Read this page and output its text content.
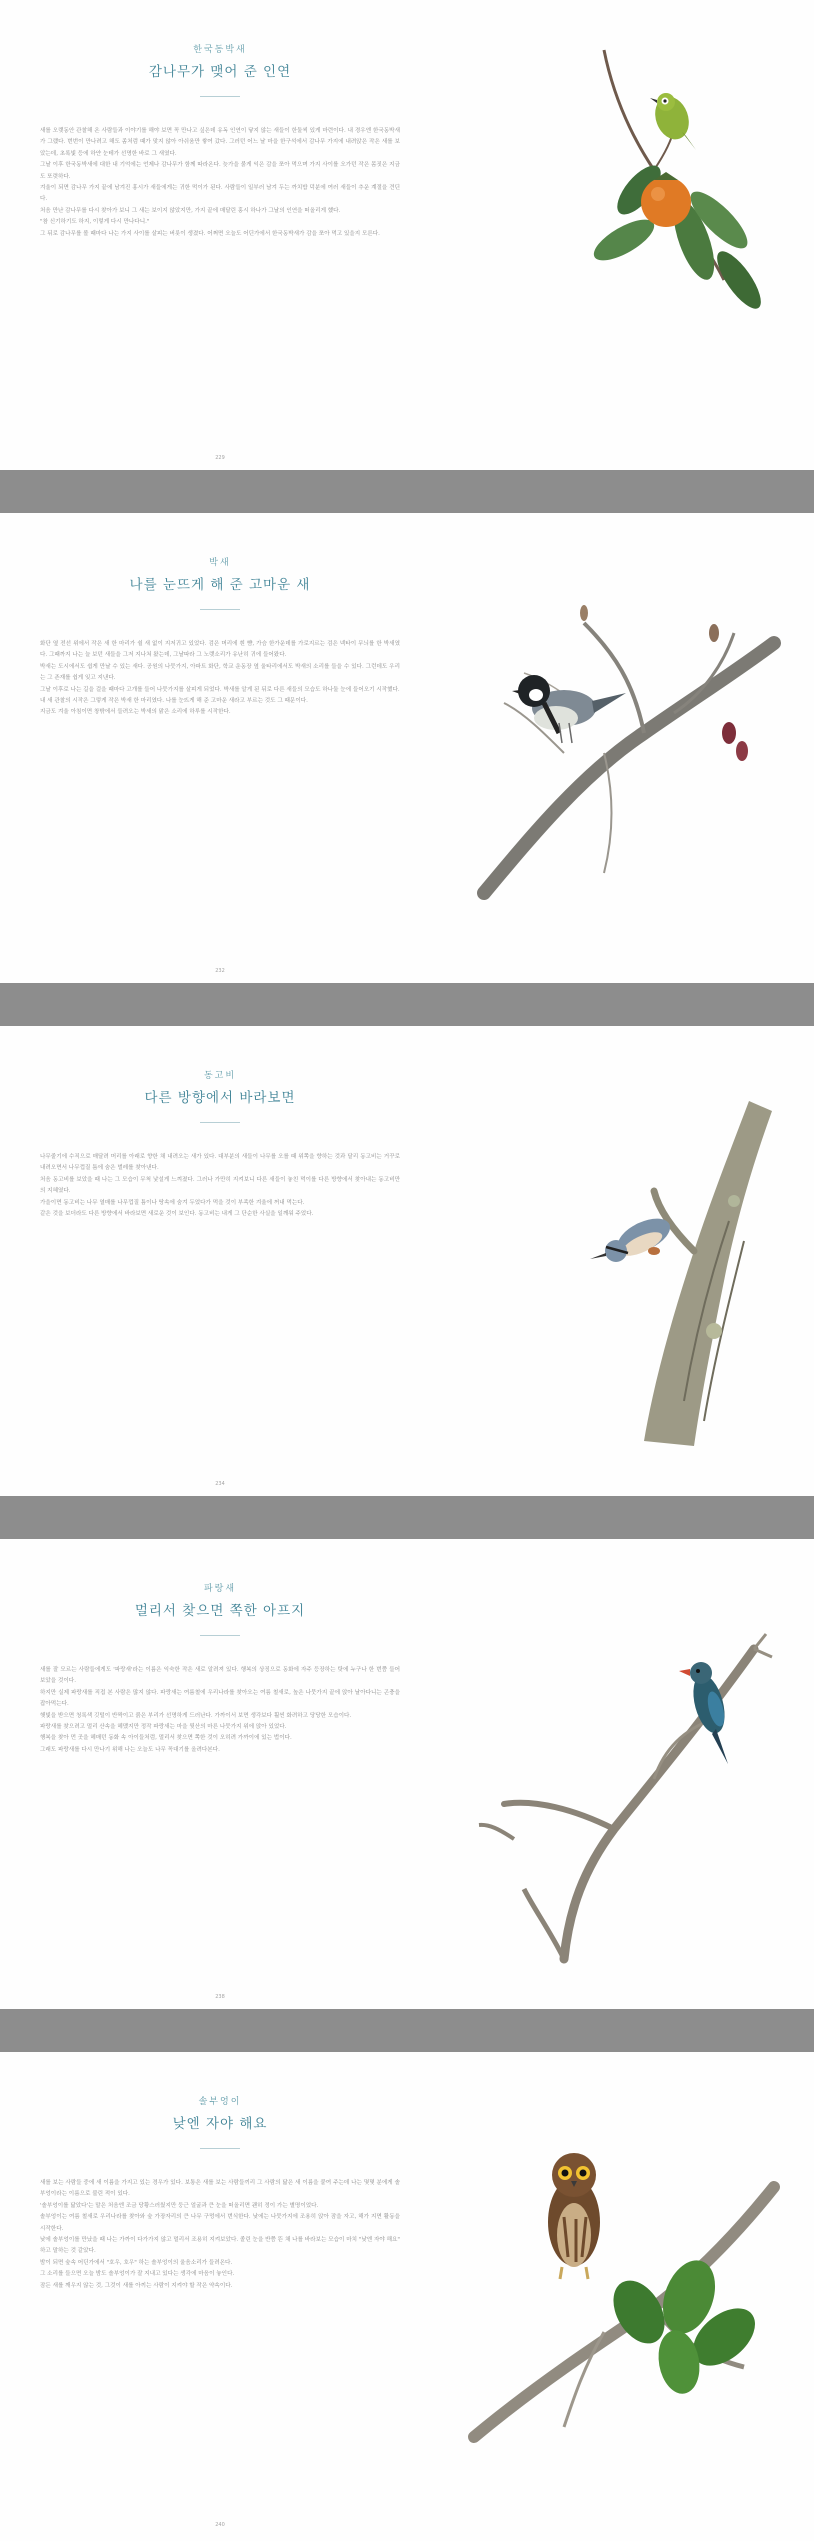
한국동박새
감나무가 맺어 준 인연
새를 오랫동안 관찰해 온 사람들과 이야기를 해야 보면 꼭 만나고 싶은데 유독 인연이 닿지 않는 새들이 한둘씩 있게 마련이다. 내 경우엔 한국동박새가 그랬다. 번번이 만나려고 해도 좀처럼 때가 맞지 않아 아쉬움만 쌓여 갔다. 그러던 어느 날 마을 한구석에서 감나무 가지에 내려앉은 작은 새를 보았는데, 초록빛 등에 하얀 눈테가 선명한 바로 그 새였다.
그날 이후 한국동박새에 대한 내 기억에는 언제나 감나무가 함께 따라온다. 늦가을 붉게 익은 감을 쪼아 먹으며 가지 사이를 오가던 작은 몸짓은 지금도 또렷하다.
겨울이 되면 감나무 가지 끝에 남겨진 홍시가 새들에게는 귀한 먹이가 된다. 사람들이 일부러 남겨 두는 까치밥 덕분에 여러 새들이 추운 계절을 견딘다.
처음 만난 감나무를 다시 찾아가 보니 그 새는 보이지 않았지만, 가지 끝에 매달린 홍시 하나가 그날의 인연을 떠올리게 했다.
"참 신기하기도 하지, 이렇게 다시 만나다니."
그 뒤로 감나무를 볼 때마다 나는 가지 사이를 살피는 버릇이 생겼다. 어쩌면 오늘도 어딘가에서 한국동박새가 감을 쪼아 먹고 있을지 모른다.
229
박새
나를 눈뜨게 해 준 고마운 새
화단 옆 전선 위에서 작은 새 한 마리가 쉴 새 없이 지저귀고 있었다. 검은 머리에 흰 뺨, 가슴 한가운데를 가로지르는 검은 넥타이 무늬를 한 박새였다. 그때까지 나는 늘 보던 새들을 그저 지나쳐 왔는데, 그날따라 그 노랫소리가 유난히 귀에 들어왔다.
박새는 도시에서도 쉽게 만날 수 있는 새다. 공원의 나뭇가지, 아파트 화단, 학교 운동장 옆 울타리에서도 박새의 소리를 들을 수 있다. 그런데도 우리는 그 존재를 쉽게 잊고 지낸다.
그날 이후로 나는 길을 걸을 때마다 고개를 들어 나뭇가지를 살피게 되었다. 박새를 알게 된 뒤로 다른 새들의 모습도 하나둘 눈에 들어오기 시작했다.
내 새 관찰의 시작은 그렇게 작은 박새 한 마리였다. 나를 눈뜨게 해 준 고마운 새라고 부르는 것도 그 때문이다.
지금도 겨울 아침이면 창밖에서 들려오는 박새의 맑은 소리에 하루를 시작한다.
232
동고비
다른 방향에서 바라보면
나무줄기에 수직으로 매달려 머리를 아래로 향한 채 내려오는 새가 있다. 대부분의 새들이 나무를 오를 때 위쪽을 향하는 것과 달리 동고비는 거꾸로 내려오면서 나무껍질 틈에 숨은 벌레를 찾아낸다.
처음 동고비를 보았을 때 나는 그 모습이 무척 낯설게 느껴졌다. 그러나 가만히 지켜보니 다른 새들이 놓친 먹이를 다른 방향에서 찾아내는 동고비만의 지혜였다.
가을이면 동고비는 나무 열매를 나무껍질 틈이나 땅속에 숨겨 두었다가 먹을 것이 부족한 겨울에 꺼내 먹는다.
같은 것을 보더라도 다른 방향에서 바라보면 새로운 것이 보인다. 동고비는 내게 그 단순한 사실을 일깨워 주었다.
234
파랑새
멀리서 찾으면 쪽한 아프지
새를 잘 모르는 사람들에게도 '파랑새'라는 이름은 익숙한 작은 새로 알려져 있다. 행복의 상징으로 동화에 자주 등장하는 탓에 누구나 한 번쯤 들어 보았을 것이다.
하지만 실제 파랑새를 직접 본 사람은 많지 않다. 파랑새는 여름철에 우리나라를 찾아오는 여름 철새로, 높은 나뭇가지 끝에 앉아 날아다니는 곤충을 잡아먹는다.
햇빛을 받으면 청록색 깃털이 반짝이고 붉은 부리가 선명하게 드러난다. 가까이서 보면 생각보다 훨씬 화려하고 당당한 모습이다.
파랑새를 찾으려고 멀리 산속을 헤맸지만 정작 파랑새는 마을 뒷산의 마른 나뭇가지 위에 앉아 있었다.
행복을 찾아 먼 곳을 헤매던 동화 속 아이들처럼, 멀리서 찾으면 쪽한 것이 오히려 가까이에 있는 법이다.
그래도 파랑새를 다시 만나기 위해 나는 오늘도 나무 꼭대기를 올려다본다.
238
솔부엉이
낮엔 자야 해요
새를 보는 사람들 중에 새 이름을 가지고 있는 경우가 있다. 보통은 새를 보는 사람들끼리 그 사람의 닮은 새 이름을 붙여 주는데 나는 몇몇 분에게 솔부엉이라는 이름으로 불린 적이 있다.
'솔부엉이를 닮았다'는 말은 처음엔 조금 당황스러웠지만 둥근 얼굴과 큰 눈을 떠올리면 괜히 정이 가는 별명이었다.
솔부엉이는 여름 철새로 우리나라를 찾아와 숲 가장자리의 큰 나무 구멍에서 번식한다. 낮에는 나뭇가지에 조용히 앉아 잠을 자고, 해가 지면 활동을 시작한다.
낮에 솔부엉이를 만났을 때 나는 가까이 다가가지 않고 멀리서 조용히 지켜보았다. 졸린 눈을 반쯤 뜬 채 나를 바라보는 모습이 마치 "낮엔 자야 해요" 하고 말하는 것 같았다.
밤이 되면 숲속 어딘가에서 "호우, 호우" 하는 솔부엉이의 울음소리가 들려온다.
그 소리를 들으면 오늘 밤도 솔부엉이가 잘 지내고 있다는 생각에 마음이 놓인다.
잠든 새를 깨우지 않는 것, 그것이 새를 아끼는 사람이 지켜야 할 작은 약속이다.
240
